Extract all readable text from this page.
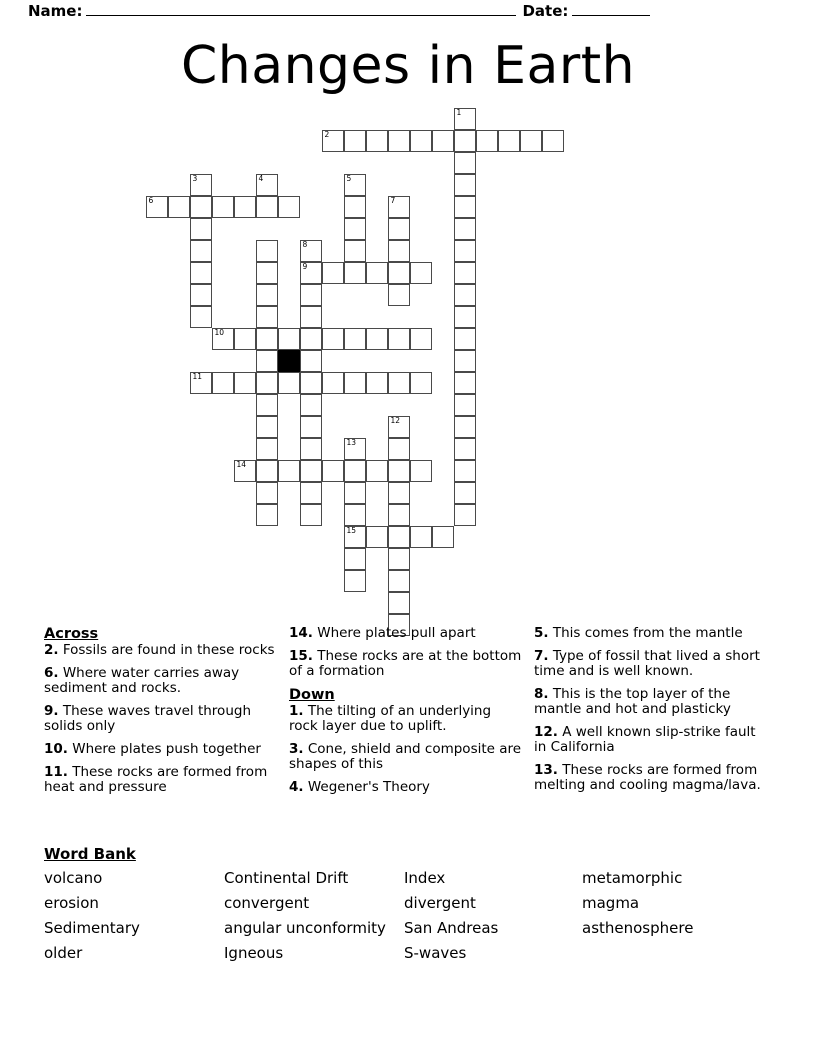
Name:	Date:
Changes in Earth
1
2
3	4	5
6	7
8
9
10
11
12
13
14
15
Across
2. Fossils are found in these rocks
6. Where water carries away sediment and rocks.
9. These waves travel through solids only
10. Where plates push together
11. These rocks are formed from heat and pressure
14. Where plates pull apart
15. These rocks are at the bottom of a formation
Down
1. The tilting of an underlying rock layer due to uplift.
3. Cone, shield and composite are shapes of this
4. Wegener's Theory
5. This comes from the mantle
7. Type of fossil that lived a short time and is well known.
8. This is the top layer of the mantle and hot and plasticky
12. A well known slip-strike fault in California
13. These rocks are formed from melting and cooling magma/lava.
Word Bank
volcano	Continental Drift	Index	metamorphic
erosion	convergent	divergent	magma
Sedimentary	angular unconformity	San Andreas	asthenosphere
older	Igneous	S-waves
